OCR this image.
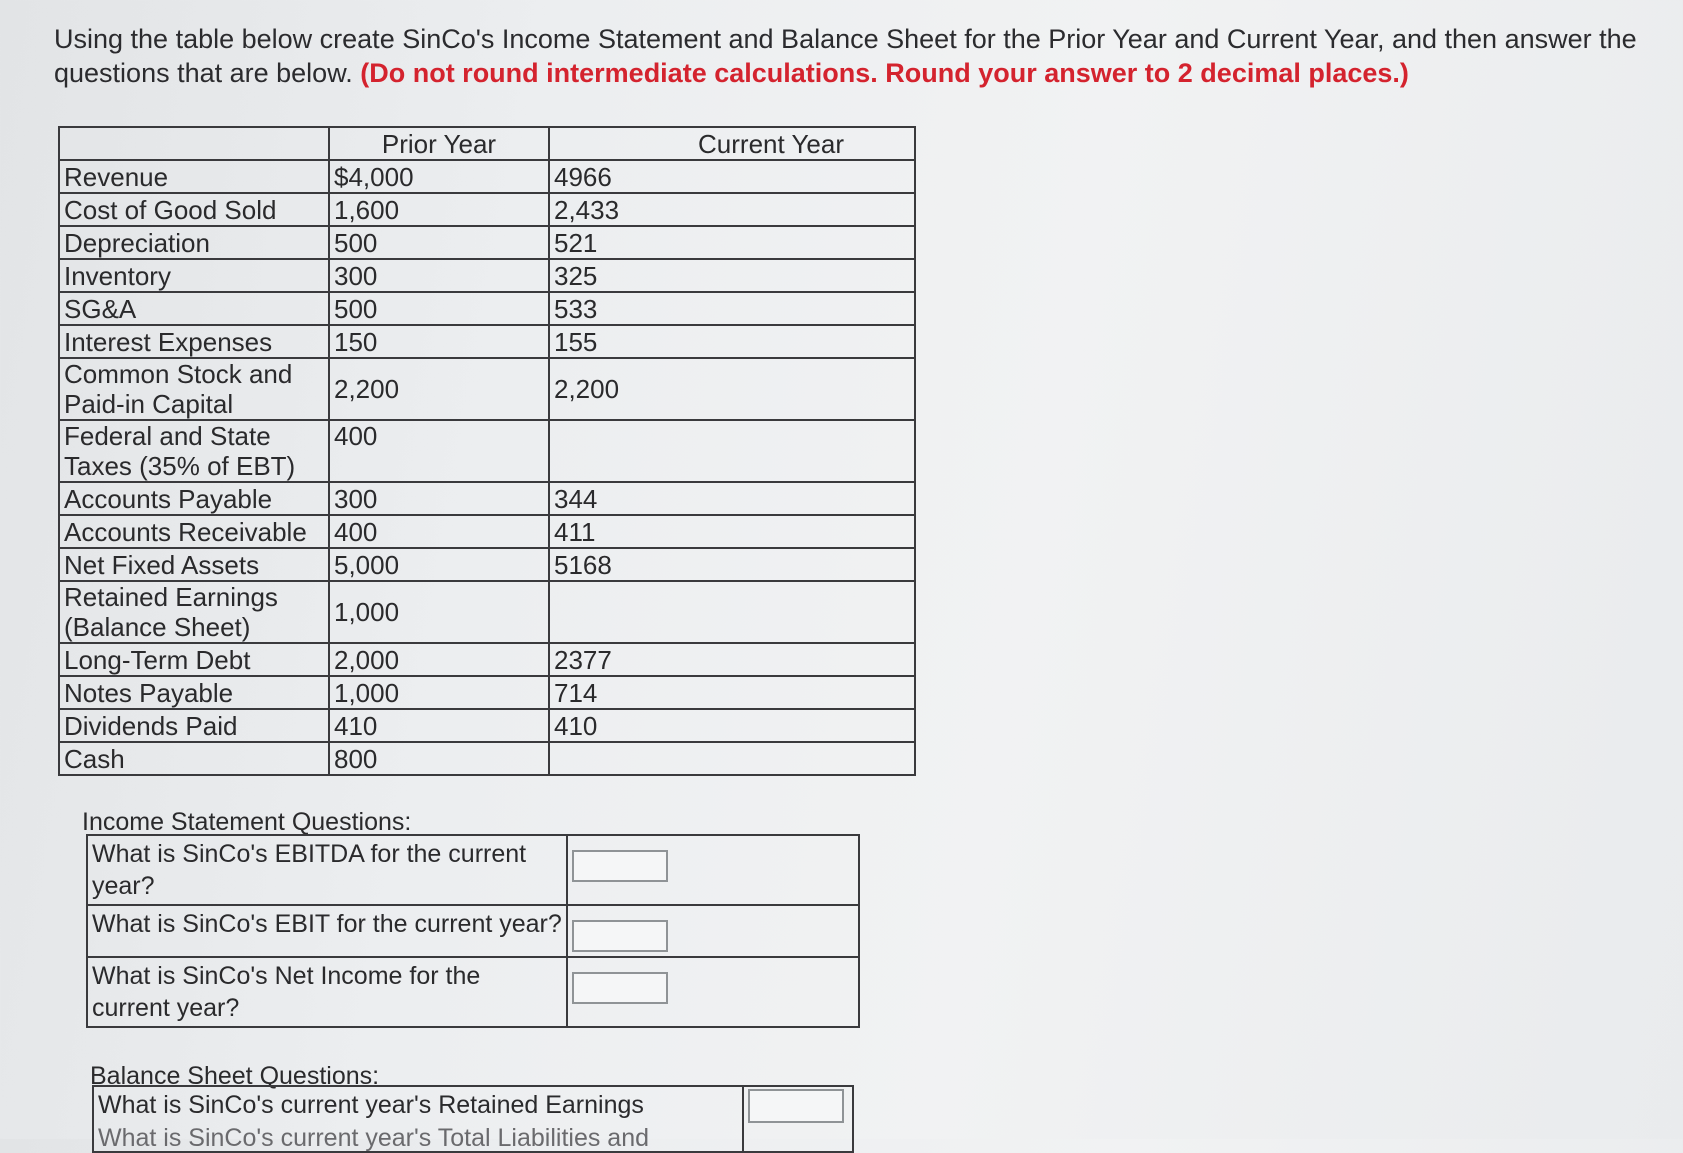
Using the table below create SinCo's Income Statement and Balance Sheet for the Prior Year and Current Year, and then answer the questions that are below. (Do not round intermediate calculations. Round your answer to 2 decimal places.)
	Prior Year	Current Year
Revenue	$4,000	4966
Cost of Good Sold	1,600	2,433
Depreciation	500	521
Inventory	300	325
SG&A	500	533
Interest Expenses	150	155
Common Stock and Paid-in Capital	2,200	2,200
Federal and State Taxes (35% of EBT)	400	
Accounts Payable	300	344
Accounts Receivable	400	411
Net Fixed Assets	5,000	5168
Retained Earnings (Balance Sheet)	1,000	
Long-Term Debt	2,000	2377
Notes Payable	1,000	714
Dividends Paid	410	410
Cash	800	
Income Statement Questions:
What is SinCo's EBITDA for the current year?	

What is SinCo's EBIT for the current year?	

What is SinCo's Net Income for the current year?	
Balance Sheet Questions:
What is SinCo's current year's Retained Earnings
What is SinCo's current year's Total Liabilities and
